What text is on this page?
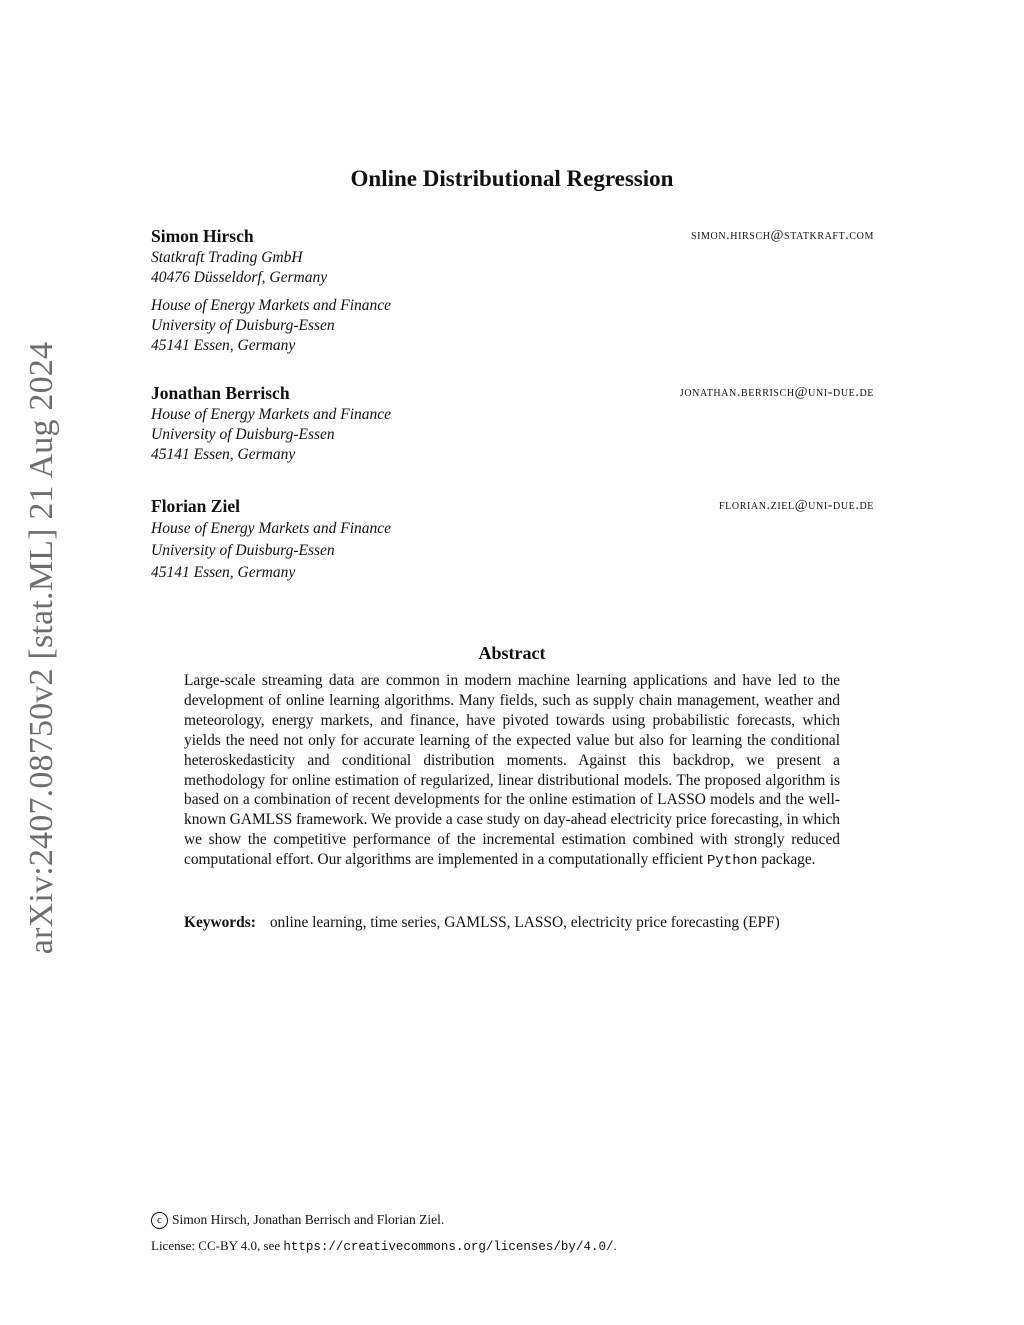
arXiv:2407.08750v2 [stat.ML] 21 Aug 2024
Online Distributional Regression
Simon Hirsch	simon.hirsch@statkraft.com
Statkraft Trading GmbH
40476 Düsseldorf, Germany
House of Energy Markets and Finance
University of Duisburg-Essen
45141 Essen, Germany
Jonathan Berrisch	jonathan.berrisch@uni-due.de
House of Energy Markets and Finance
University of Duisburg-Essen
45141 Essen, Germany
Florian Ziel	florian.ziel@uni-due.de
House of Energy Markets and Finance
University of Duisburg-Essen
45141 Essen, Germany
Abstract
Large-scale streaming data are common in modern machine learning applications and have led to the development of online learning algorithms. Many fields, such as supply chain management, weather and meteorology, energy markets, and finance, have pivoted towards using probabilistic forecasts, which yields the need not only for accurate learning of the expected value but also for learning the conditional heteroskedasticity and conditional distribution moments. Against this backdrop, we present a methodology for online estimation of regularized, linear distributional models. The proposed algorithm is based on a combination of recent developments for the online estimation of LASSO models and the well-known GAMLSS framework. We provide a case study on day-ahead electricity price forecasting, in which we show the competitive performance of the incremental estimation combined with strongly reduced computational effort. Our algorithms are implemented in a computationally efficient Python package.
Keywords: online learning, time series, GAMLSS, LASSO, electricity price forecasting (EPF)
c Simon Hirsch, Jonathan Berrisch and Florian Ziel.
License: CC-BY 4.0, see https://creativecommons.org/licenses/by/4.0/.
